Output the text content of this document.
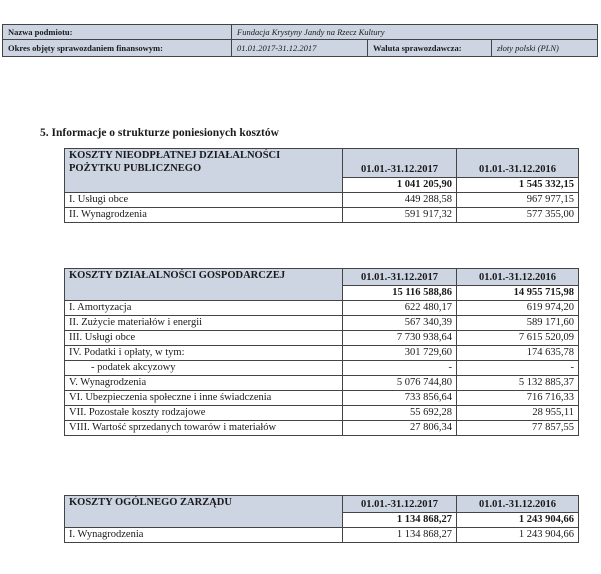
Nazwa podmiotu:	Fundacja Krystyny Jandy na Rzecz Kultury
Okres objęty sprawozdaniem finansowym:	01.01.2017-31.12.2017	Waluta sprawozdawcza:	złoty polski (PLN)
5. Informacje o strukturze poniesionych kosztów
KOSZTY NIEODPŁATNEJ DZIAŁALNOŚCI
POŻYTKU PUBLICZNEGO	01.01.-31.12.2017	01.01.-31.12.2016
	1 041 205,90	1 545 332,15
I. Usługi obce	449 288,58	967 977,15
II. Wynagrodzenia	591 917,32	577 355,00
KOSZTY DZIAŁALNOŚCI GOSPODARCZEJ	01.01.-31.12.2017	01.01.-31.12.2016
	15 116 588,86	14 955 715,98
I. Amortyzacja	622 480,17	619 974,20
II. Zużycie materiałów i energii	567 340,39	589 171,60
III. Usługi obce	7 730 938,64	7 615 520,09
IV. Podatki i opłaty, w tym:	301 729,60	174 635,78
- podatek akcyzowy	-	-
V. Wynagrodzenia	5 076 744,80	5 132 885,37
VI. Ubezpieczenia społeczne i inne świadczenia	733 856,64	716 716,33
VII. Pozostałe koszty rodzajowe	55 692,28	28 955,11
VIII. Wartość sprzedanych towarów i materiałów	27 806,34	77 857,55
KOSZTY OGÓLNEGO ZARZĄDU	01.01.-31.12.2017	01.01.-31.12.2016
	1 134 868,27	1 243 904,66
I. Wynagrodzenia	1 134 868,27	1 243 904,66
